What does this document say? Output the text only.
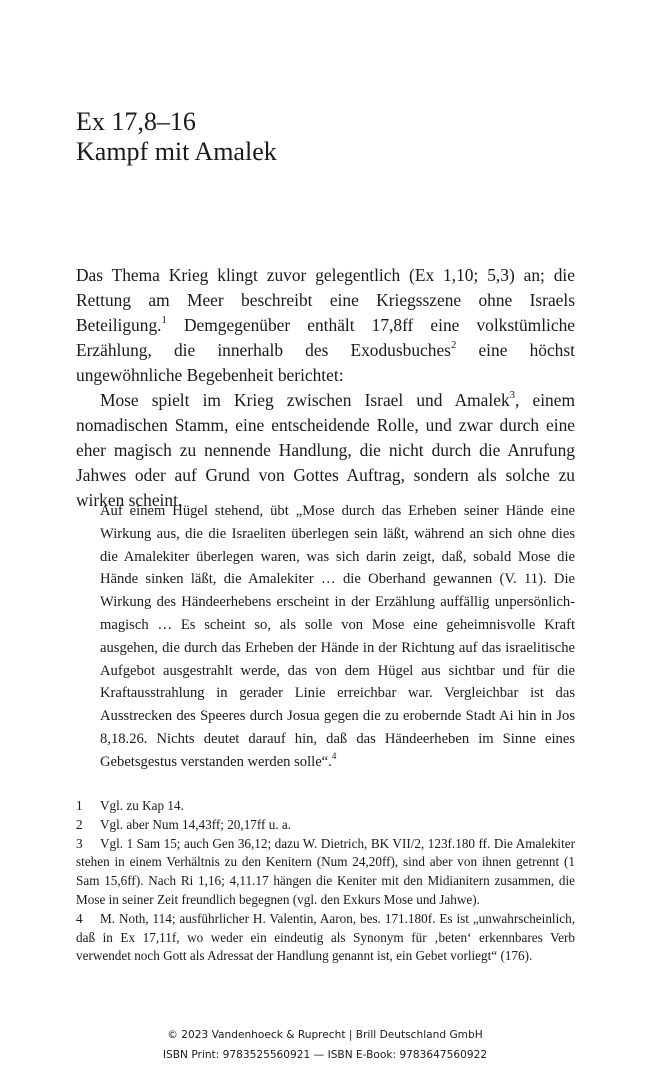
Ex 17,8–16
Kampf mit Amalek

Das Thema Krieg klingt zuvor gelegentlich (Ex 1,10; 5,3) an; die Rettung am Meer beschreibt eine Kriegsszene ohne Israels Beteiligung.$^1$ Demgegenüber enthält 17,8ff eine volkstümliche Erzählung, die innerhalb des Exodusbuches$^2$ eine höchst ungewöhnliche Begebenheit berichtet:

Mose spielt im Krieg zwischen Israel und Amalek$^3$, einem nomadischen Stamm, eine entscheidende Rolle, und zwar durch eine eher magisch zu nennende Handlung, die nicht durch die Anrufung Jahwes oder auf Grund von Gottes Auftrag, sondern als solche zu wirken scheint.

Auf einem Hügel stehend, übt „Mose durch das Erheben seiner Hände eine Wirkung aus, die die Israeliten überlegen sein läßt, während an sich ohne dies die Amalekiter überlegen waren, was sich darin zeigt, daß, sobald Mose die Hände sinken läßt, die Amalekiter … die Oberhand gewannen (V. 11). Die Wirkung des Händeerhebens erscheint in der Erzählung auffällig unpersönlich-magisch … Es scheint so, als solle von Mose eine geheimnisvolle Kraft ausgehen, die durch das Erheben der Hände in der Richtung auf das israelitische Aufgebot ausgestrahlt werde, das von dem Hügel aus sichtbar und für die Kraftausstrahlung in gerader Linie erreichbar war. Vergleichbar ist das Ausstrecken des Speeres durch Josua gegen die zu erobernde Stadt Ai hin in Jos 8,18.26. Nichts deutet darauf hin, daß das Händeerheben im Sinne eines Gebetsgestus verstanden werden solle“.$^4$

1 Vgl. zu Kap 14.

2 Vgl. aber Num 14,43ff; 20,17ff u. a.

3 Vgl. 1 Sam 15; auch Gen 36,12; dazu W. Dietrich, BK VII/2, 123f.180 ff. Die Amalekiter stehen in einem Verhältnis zu den Kenitern (Num 24,20ff), sind aber von ihnen getrennt (1 Sam 15,6ff). Nach Ri 1,16; 4,11.17 hängen die Keniter mit den Midianitern zusammen, die Mose in seiner Zeit freundlich begegnen (vgl. den Exkurs Mose und Jahwe).

4 M. Noth, 114; ausführlicher H. Valentin, Aaron, bes. 171.180f. Es ist „unwahrscheinlich, daß in Ex 17,11f, wo weder ein eindeutig als Synonym für ‚beten‘ erkennbares Verb verwendet noch Gott als Adressat der Handlung genannt ist, ein Gebet vorliegt“ (176).

© 2023 Vandenhoeck & Ruprecht | Brill Deutschland GmbH
ISBN Print: 9783525560921 — ISBN E-Book: 9783647560922
